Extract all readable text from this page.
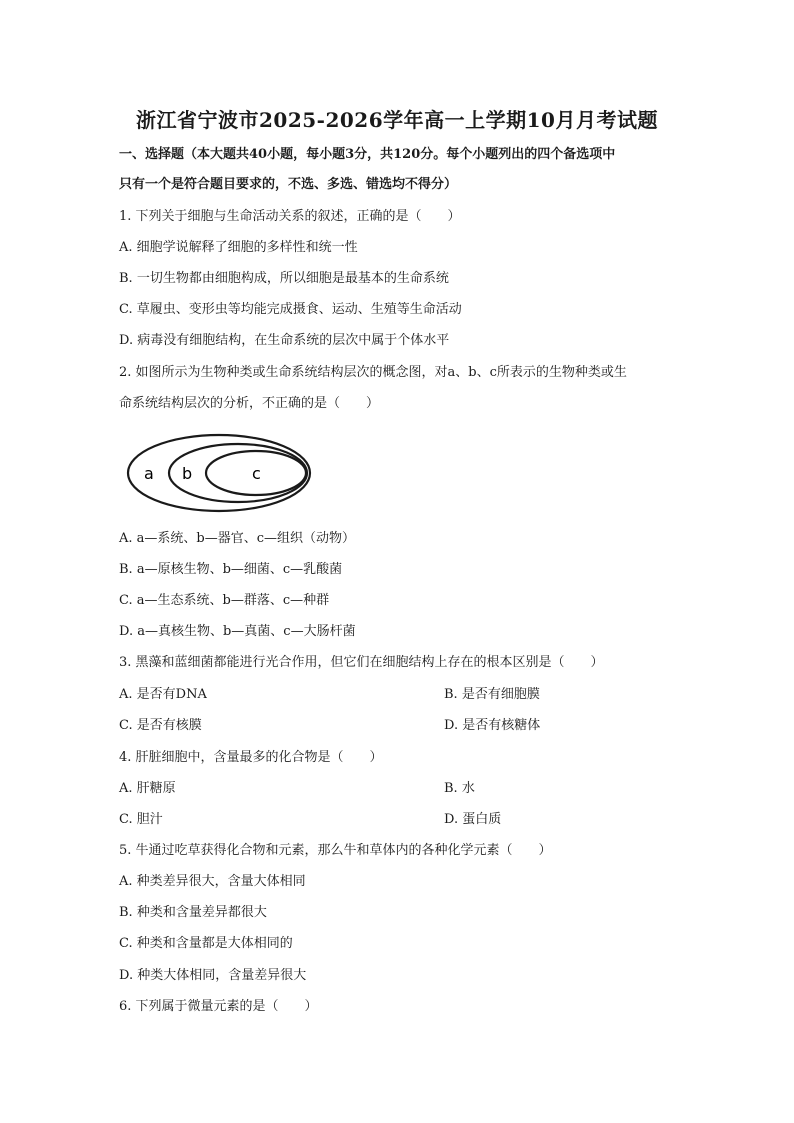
浙江省宁波市2025-2026学年高一上学期10月月考试题
一、选择题（本大题共40小题，每小题3分，共120分。每个小题列出的四个备选项中
只有一个是符合题目要求的，不选、多选、错选均不得分）
1. 下列关于细胞与生命活动关系的叙述，正确的是（　　）
A. 细胞学说解释了细胞的多样性和统一性
B. 一切生物都由细胞构成，所以细胞是最基本的生命系统
C. 草履虫、变形虫等均能完成摄食、运动、生殖等生命活动
D. 病毒没有细胞结构，在生命系统的层次中属于个体水平
2. 如图所示为生物种类或生命系统结构层次的概念图，对a、b、c所表示的生物种类或生
命系统结构层次的分析，不正确的是（　　）
a b	c
A. a—系统、b—器官、c—组织（动物）
B. a—原核生物、b—细菌、c—乳酸菌
C. a—生态系统、b—群落、c—种群
D. a—真核生物、b—真菌、c—大肠杆菌
3. 黑藻和蓝细菌都能进行光合作用，但它们在细胞结构上存在的根本区别是（　　）
A. 是否有DNA	B. 是否有细胞膜
C. 是否有核膜	D. 是否有核糖体
4. 肝脏细胞中，含量最多的化合物是（　　）
A. 肝糖原	B. 水
C. 胆汁	D. 蛋白质
5. 牛通过吃草获得化合物和元素，那么牛和草体内的各种化学元素（　　）
A. 种类差异很大，含量大体相同
B. 种类和含量差异都很大
C. 种类和含量都是大体相同的
D. 种类大体相同，含量差异很大
6. 下列属于微量元素的是（　　）
